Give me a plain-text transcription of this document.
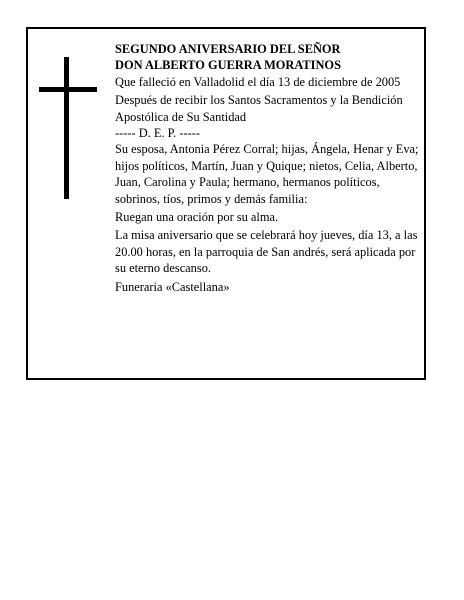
SEGUNDO ANIVERSARIO DEL SEÑOR

DON ALBERTO GUERRA MORATINOS

Que falleció en Valladolid el día 13 de diciembre de 2005

Después de recibir los Santos Sacramentos y la Bendición Apostólica de Su Santidad

----- D. E. P. -----

Su esposa, Antonia Pérez Corral; hijas, Ángela, Henar y Eva; hijos políticos, Martín, Juan y Quique; nietos, Celia, Alberto, Juan, Carolina y Paula; hermano, hermanos políticos, sobrinos, tíos, primos y demás familia:

Ruegan una oración por su alma.

La misa aniversario que se celebrará hoy jueves, día 13, a las 20.00 horas, en la parroquia de San andrés, será aplicada por su eterno descanso.

Funeraria «Castellana»
